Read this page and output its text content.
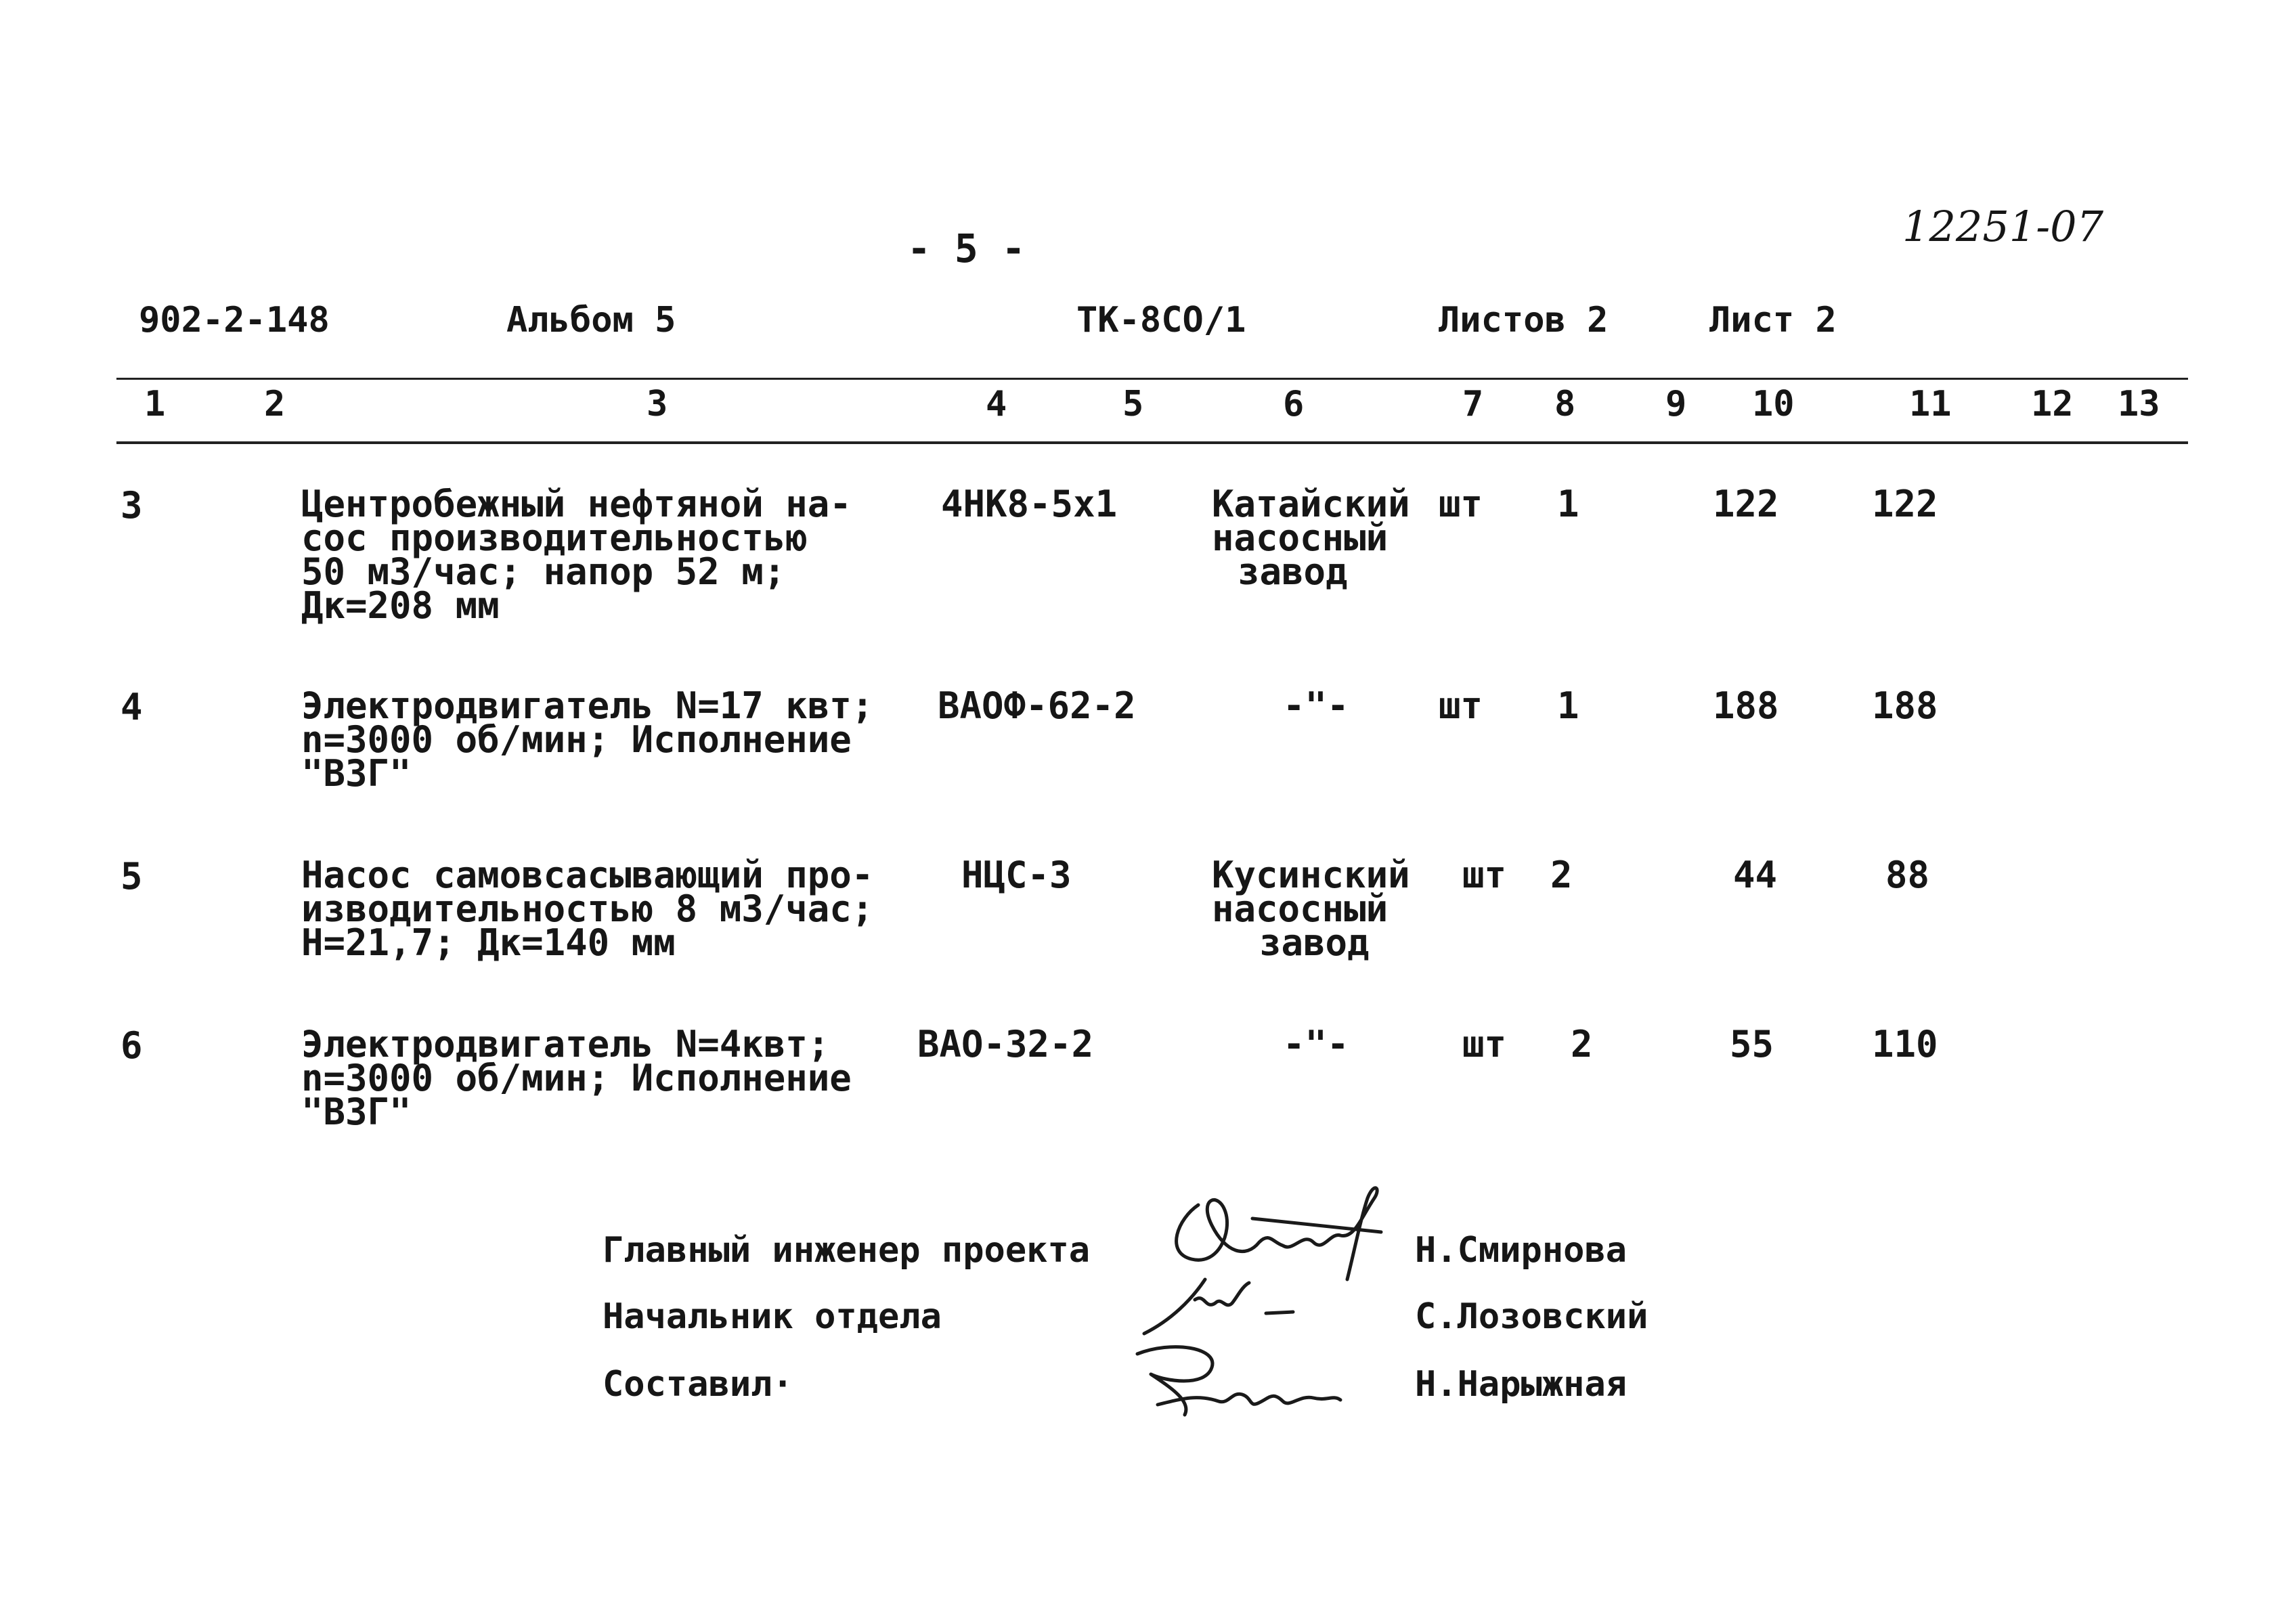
- 5 -	12251-07
902-2-148	Альбом 5	ТК-8СО/1	Листов 2	Лист 2
1	2	3	4	5	6	7 8	9 10	11 12 13
3	Центробежный нефтяной на-
сос производительностью
50 м3/час; напор 52 м;
Дк=208 мм
4НК8-5х1	Катайский
насосный
завод
шт 1	122	122
4	Электродвигатель N=17 квт;
n=3000 об/мин; Исполнение
"В3Г"
ВАОФ-62-2	-"- шт 1	188	188
5	Насос самовсасывающий про-
изводительностью 8 м3/час;
Н=21,7; Дк=140 мм
НЦС-3	Кусинский
насосный
завод
шт 2	44	88
6	Электродвигатель N=4квт;
n=3000 об/мин; Исполнение
"В3Г"
ВАО-32-2	-"-	шт 2	55	110
Главный инженер проекта	Н.Смирнова
Начальник отдела	С.Лозовский
Составил·	Н.Нарыжная
